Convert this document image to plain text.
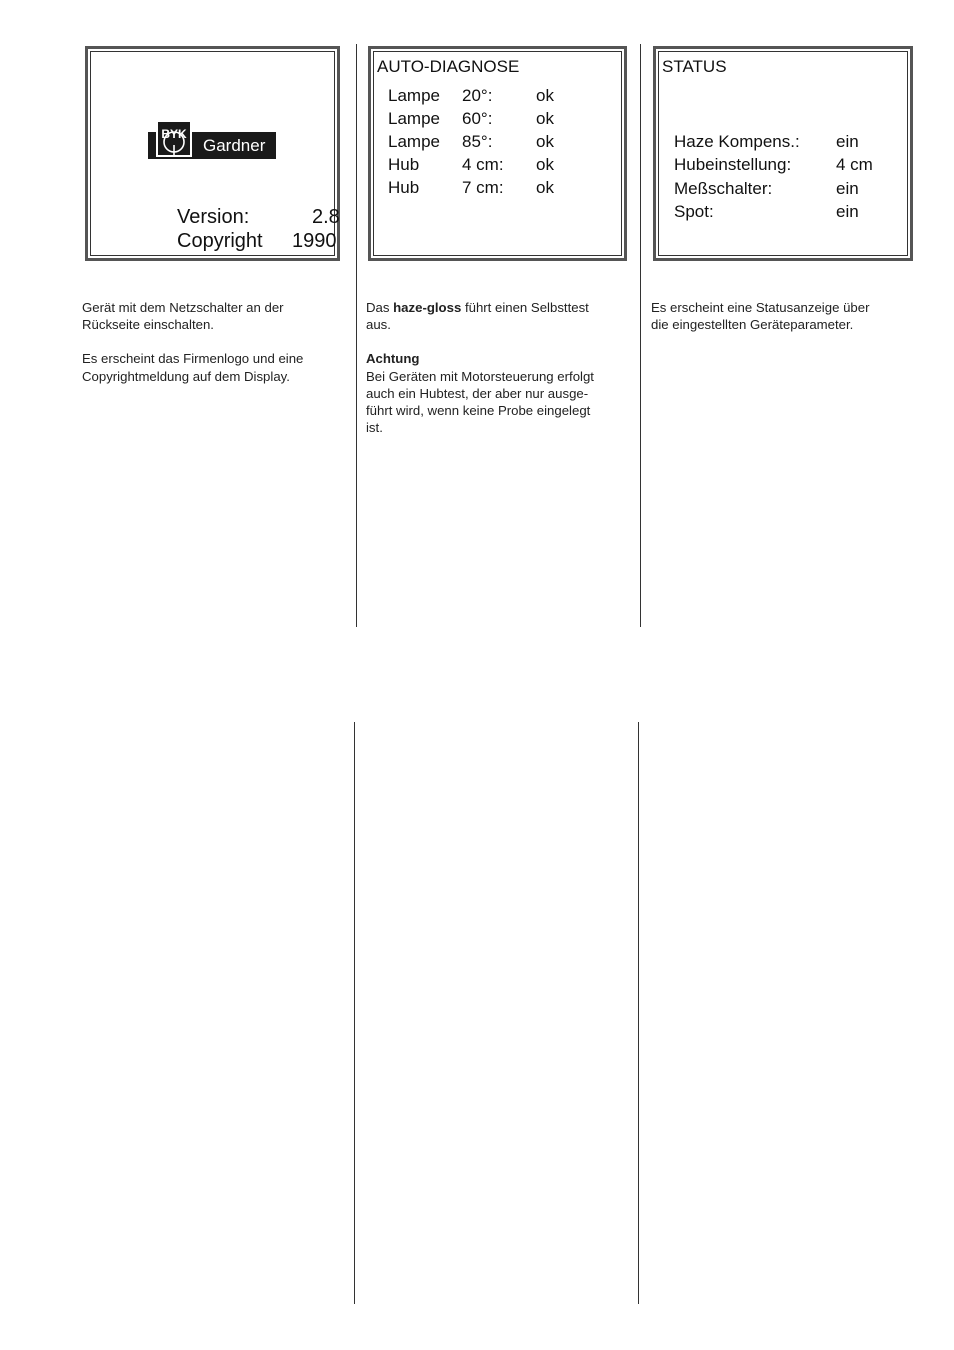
BYK
Gardner
Version:	2.8
Copyright 1990

Gerät mit dem Netzschalter an der
Rückseite einschalten.

Es erscheint das Firmenlogo und eine
Copyrightmeldung auf dem Display.

AUTO-DIAGNOSE
Lampe 20°:	ok
Lampe 60°:	ok
Lampe 85°:	ok
Hub	4 cm: ok
Hub	7 cm: ok

Das haze-gloss führt einen Selbsttest
aus.

Achtung
Bei Geräten mit Motorsteuerung erfolgt
auch ein Hubtest, der aber nur ausge-
führt wird, wenn keine Probe eingelegt
ist.

STATUS
Haze Kompens.: ein
Hubeinstellung:	4 cm
Meßschalter:	ein
Spot:	ein

Es erscheint eine Statusanzeige über
die eingestellten Geräteparameter.
